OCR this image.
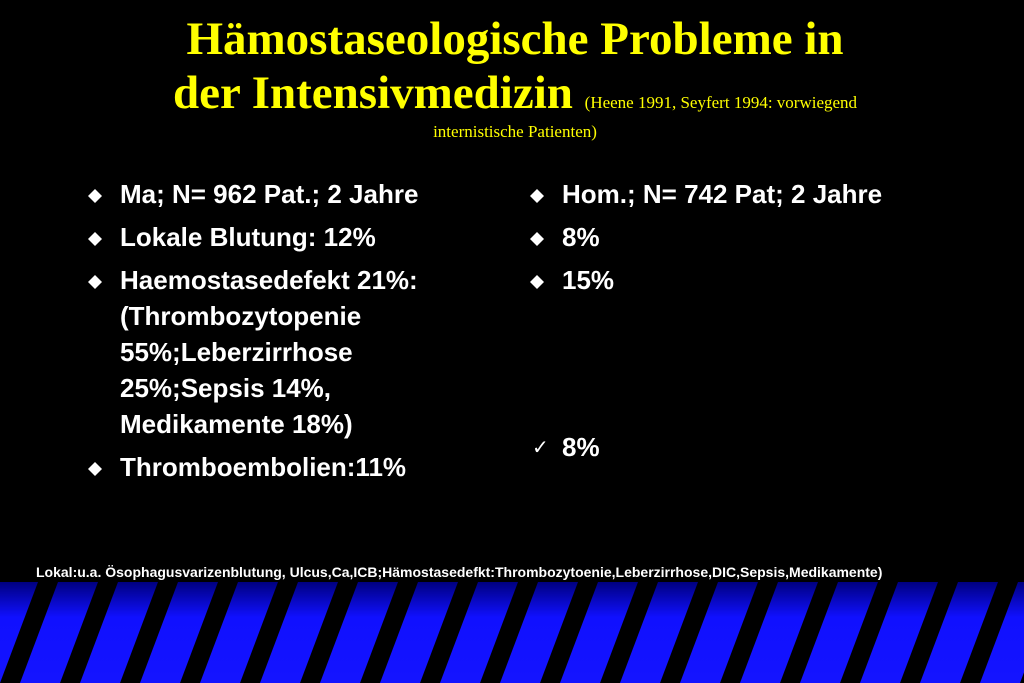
Hämostaseologische Probleme in
der Intensivmedizin (Heene 1991, Seyfert 1994: vorwiegend
internistische Patienten)
Ma; N= 962 Pat.; 2 Jahre
Lokale Blutung: 12%
Haemostasedefekt 21%: (Thrombozytopenie 55%;Leberzirrhose 25%;Sepsis 14%, Medikamente 18%)
Thromboembolien:11%
Hom.; N= 742 Pat; 2 Jahre
8%
15%
✓ 8%
Lokal:u.a. Ösophagusvarizenblutung, Ulcus,Ca,ICB;Hämostasedefkt:Thrombozytoenie,Leberzirrhose,DIC,Sepsis,Medikamente)
